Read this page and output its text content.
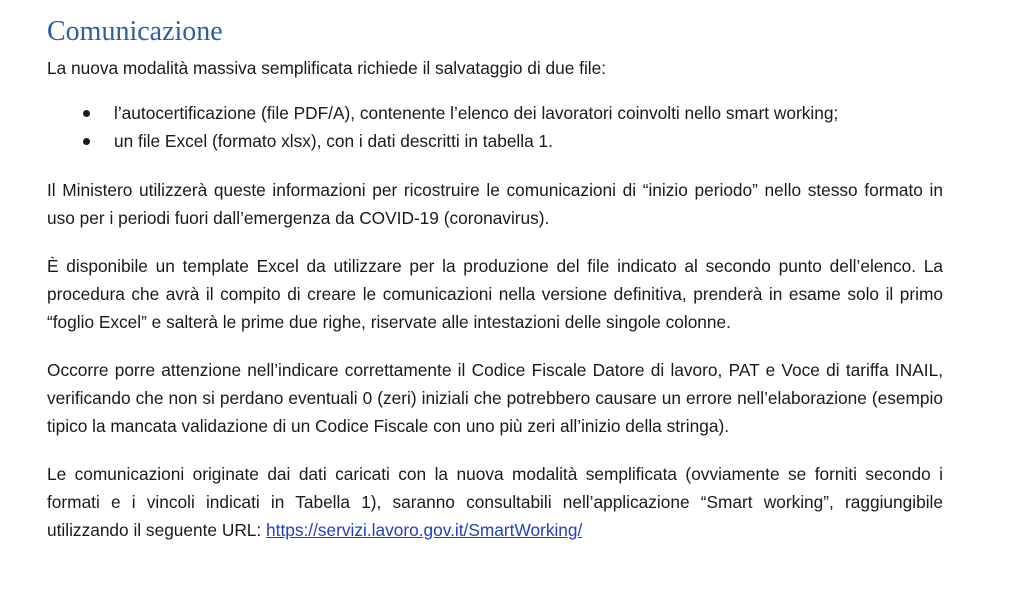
Comunicazione

La nuova modalità massiva semplificata richiede il salvataggio di due file:

l’autocertificazione (file PDF/A), contenente l’elenco dei lavoratori coinvolti nello smart working;
un file Excel (formato xlsx), con i dati descritti in tabella 1.

Il Ministero utilizzerà queste informazioni per ricostruire le comunicazioni di “inizio periodo” nello stesso formato in uso per i periodi fuori dall’emergenza da COVID-19 (coronavirus).

È disponibile un template Excel da utilizzare per la produzione del file indicato al secondo punto dell’elenco. La procedura che avrà il compito di creare le comunicazioni nella versione definitiva, prenderà in esame solo il primo “foglio Excel” e salterà le prime due righe, riservate alle intestazioni delle singole colonne.

Occorre porre attenzione nell’indicare correttamente il Codice Fiscale Datore di lavoro, PAT e Voce di tariffa INAIL, verificando che non si perdano eventuali 0 (zeri) iniziali che potrebbero causare un errore nell’elaborazione (esempio tipico la mancata validazione di un Codice Fiscale con uno più zeri all’inizio della stringa).

Le comunicazioni originate dai dati caricati con la nuova modalità semplificata (ovviamente se forniti secondo i formati e i vincoli indicati in Tabella 1), saranno consultabili nell’applicazione “Smart working”, raggiungibile utilizzando il seguente URL: https://servizi.lavoro.gov.it/SmartWorking/
